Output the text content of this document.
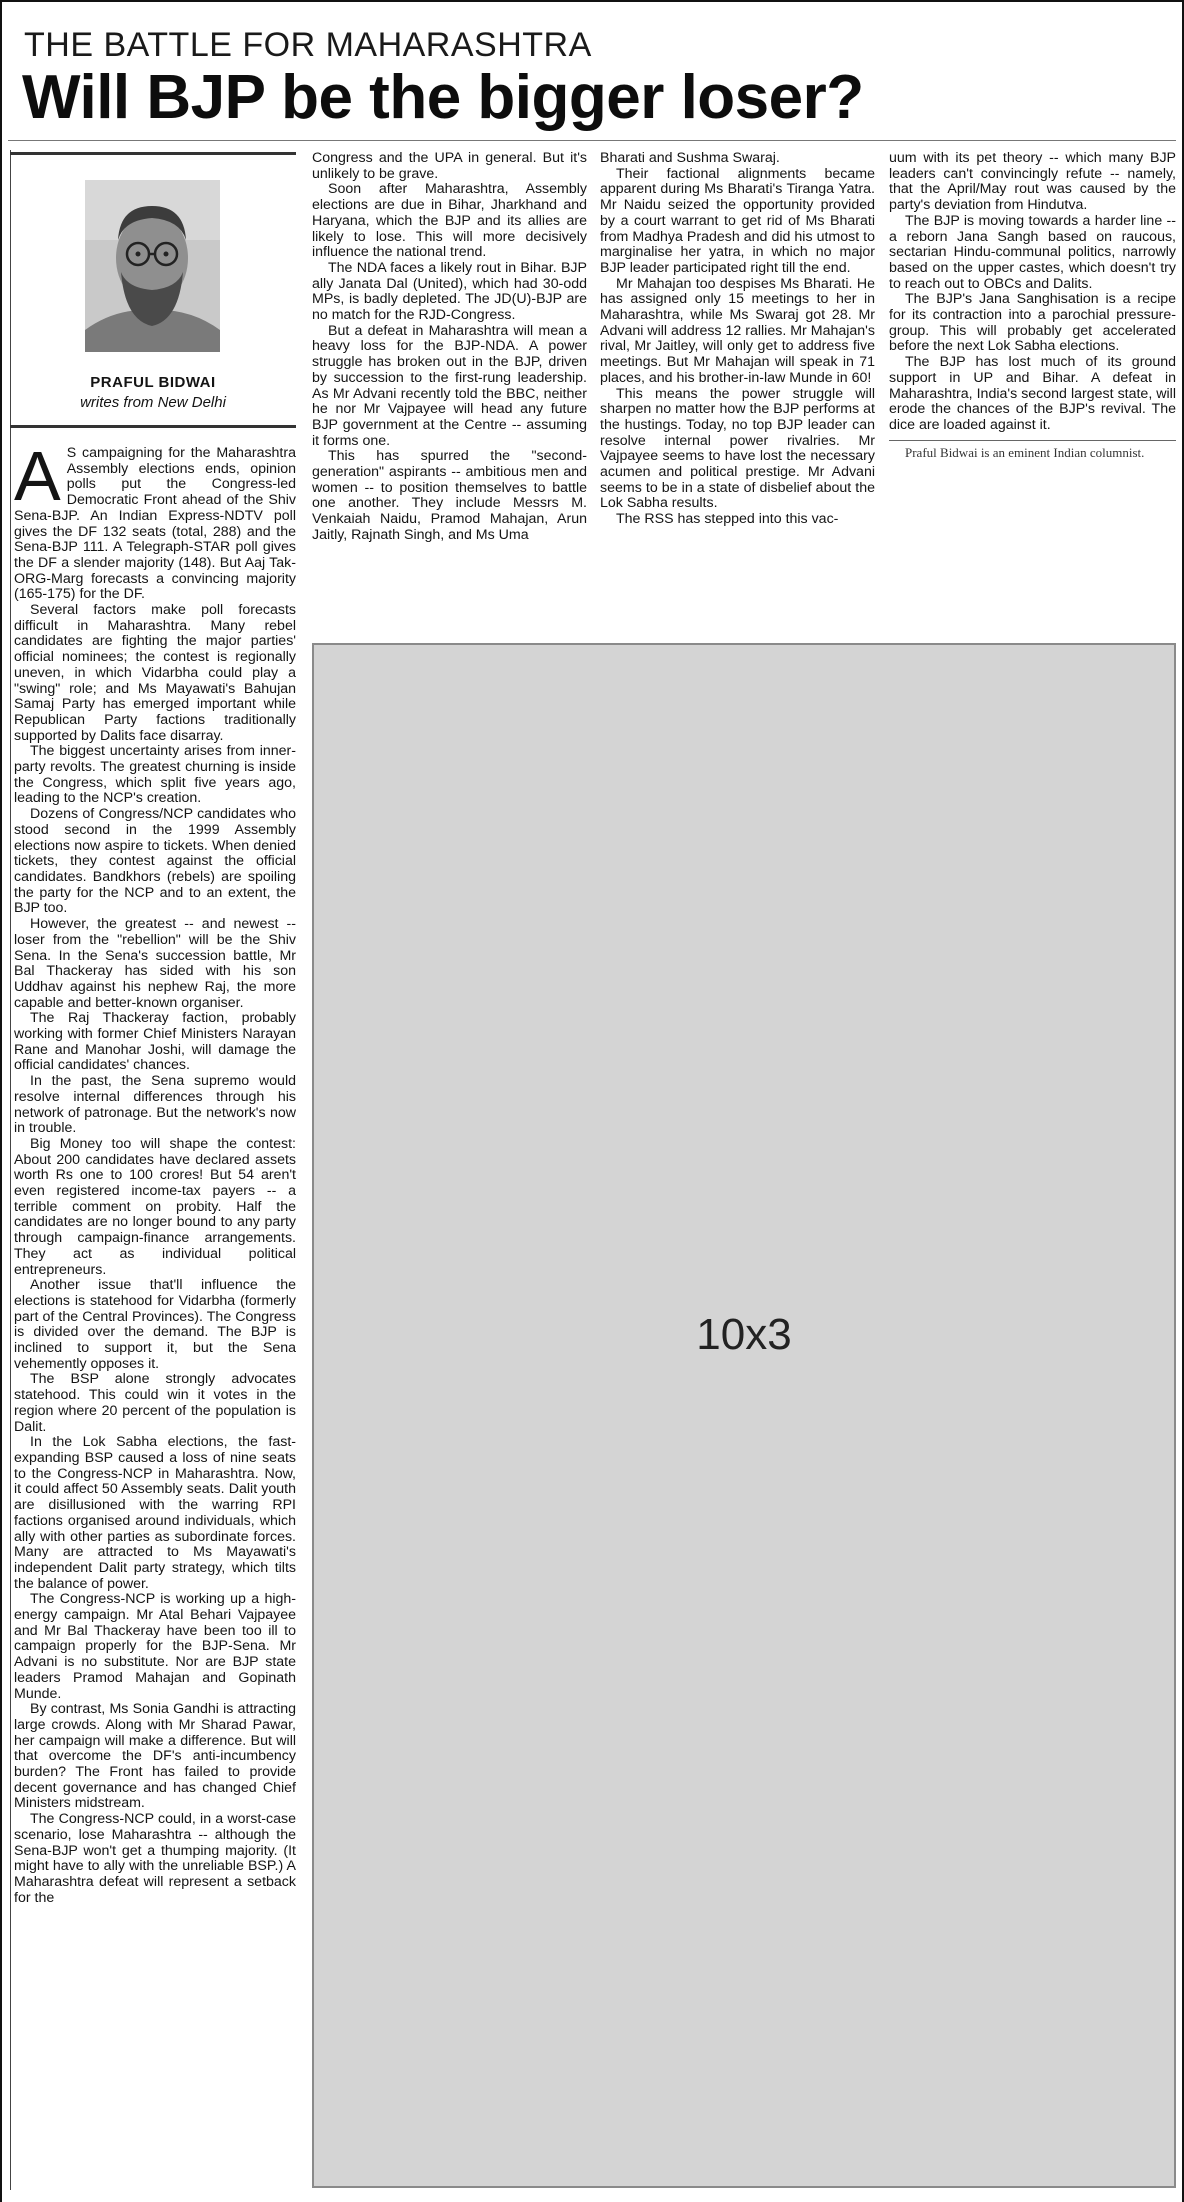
THE BATTLE FOR MAHARASHTRA
Will BJP be the bigger loser?
PRAFUL BIDWAI
writes from New Delhi

A S campaigning for the Maharashtra Assembly elections ends, opinion polls put the Congress-led Democratic Front ahead of the Shiv Sena-BJP. An Indian Express-NDTV poll gives the DF 132 seats (total, 288) and the Sena-BJP 111. A Telegraph-STAR poll gives the DF a slender majority (148). But Aaj Tak-ORG-Marg forecasts a convincing majority (165-175) for the DF.

Several factors make poll forecasts difficult in Maharashtra. Many rebel candidates are fighting the major parties' official nominees; the contest is regionally uneven, in which Vidarbha could play a "swing" role; and Ms Mayawati's Bahujan Samaj Party has emerged important while Republican Party factions traditionally supported by Dalits face disarray.

The biggest uncertainty arises from inner-party revolts. The greatest churning is inside the Congress, which split five years ago, leading to the NCP's creation.

Dozens of Congress/NCP candidates who stood second in the 1999 Assembly elections now aspire to tickets. When denied tickets, they contest against the official candidates. Bandkhors (rebels) are spoiling the party for the NCP and to an extent, the BJP too.

However, the greatest -- and newest -- loser from the "rebellion" will be the Shiv Sena. In the Sena's succession battle, Mr Bal Thackeray has sided with his son Uddhav against his nephew Raj, the more capable and better-known organiser.

The Raj Thackeray faction, probably working with former Chief Ministers Narayan Rane and Manohar Joshi, will damage the official candidates' chances.

In the past, the Sena supremo would resolve internal differences through his network of patronage. But the network's now in trouble.

Big Money too will shape the contest: About 200 candidates have declared assets worth Rs one to 100 crores! But 54 aren't even registered income-tax payers -- a terrible comment on probity. Half the candidates are no longer bound to any party through campaign-finance arrangements. They act as individual political entrepreneurs.

Another issue that'll influence the elections is statehood for Vidarbha (formerly part of the Central Provinces). The Congress is divided over the demand. The BJP is inclined to support it, but the Sena vehemently opposes it.

The BSP alone strongly advocates statehood. This could win it votes in the region where 20 percent of the population is Dalit.

In the Lok Sabha elections, the fast-expanding BSP caused a loss of nine seats to the Congress-NCP in Maharashtra. Now, it could affect 50 Assembly seats. Dalit youth are disillusioned with the warring RPI factions organised around individuals, which ally with other parties as subordinate forces. Many are attracted to Ms Mayawati's independent Dalit party strategy, which tilts the balance of power.

The Congress-NCP is working up a high-energy campaign. Mr Atal Behari Vajpayee and Mr Bal Thackeray have been too ill to campaign properly for the BJP-Sena. Mr Advani is no substitute. Nor are BJP state leaders Pramod Mahajan and Gopinath Munde.

By contrast, Ms Sonia Gandhi is attracting large crowds. Along with Mr Sharad Pawar, her campaign will make a difference. But will that overcome the DF's anti-incumbency burden? The Front has failed to provide decent governance and has changed Chief Ministers midstream.

The Congress-NCP could, in a worst-case scenario, lose Maharashtra -- although the Sena-BJP won't get a thumping majority. (It might have to ally with the unreliable BSP.) A Maharashtra defeat will represent a setback for the

Congress and the UPA in general. But it's unlikely to be grave.

Soon after Maharashtra, Assembly elections are due in Bihar, Jharkhand and Haryana, which the BJP and its allies are likely to lose. This will more decisively influence the national trend.

The NDA faces a likely rout in Bihar. BJP ally Janata Dal (United), which had 30-odd MPs, is badly depleted. The JD(U)-BJP are no match for the RJD-Congress.

But a defeat in Maharashtra will mean a heavy loss for the BJP-NDA. A power struggle has broken out in the BJP, driven by succession to the first-rung leadership. As Mr Advani recently told the BBC, neither he nor Mr Vajpayee will head any future BJP government at the Centre -- assuming it forms one.

This has spurred the "second-generation" aspirants -- ambitious men and women -- to position themselves to battle one another. They include Messrs M. Venkaiah Naidu, Pramod Mahajan, Arun Jaitly, Rajnath Singh, and Ms Uma

Bharati and Sushma Swaraj.

Their factional alignments became apparent during Ms Bharati's Tiranga Yatra. Mr Naidu seized the opportunity provided by a court warrant to get rid of Ms Bharati from Madhya Pradesh and did his utmost to marginalise her yatra, in which no major BJP leader participated right till the end.

Mr Mahajan too despises Ms Bharati. He has assigned only 15 meetings to her in Maharashtra, while Ms Swaraj got 28. Mr Advani will address 12 rallies. Mr Mahajan's rival, Mr Jaitley, will only get to address five meetings. But Mr Mahajan will speak in 71 places, and his brother-in-law Munde in 60!

This means the power struggle will sharpen no matter how the BJP performs at the hustings. Today, no top BJP leader can resolve internal power rivalries. Mr Vajpayee seems to have lost the necessary acumen and political prestige. Mr Advani seems to be in a state of disbelief about the Lok Sabha results.

The RSS has stepped into this vac-

uum with its pet theory -- which many BJP leaders can't convincingly refute -- namely, that the April/May rout was caused by the party's deviation from Hindutva.

The BJP is moving towards a harder line -- a reborn Jana Sangh based on raucous, sectarian Hindu-communal politics, narrowly based on the upper castes, which doesn't try to reach out to OBCs and Dalits.

The BJP's Jana Sanghisation is a recipe for its contraction into a parochial pressure-group. This will probably get accelerated before the next Lok Sabha elections.

The BJP has lost much of its ground support in UP and Bihar. A defeat in Maharashtra, India's second largest state, will erode the chances of the BJP's revival. The dice are loaded against it.

Praful Bidwai is an eminent Indian columnist.

10x3
